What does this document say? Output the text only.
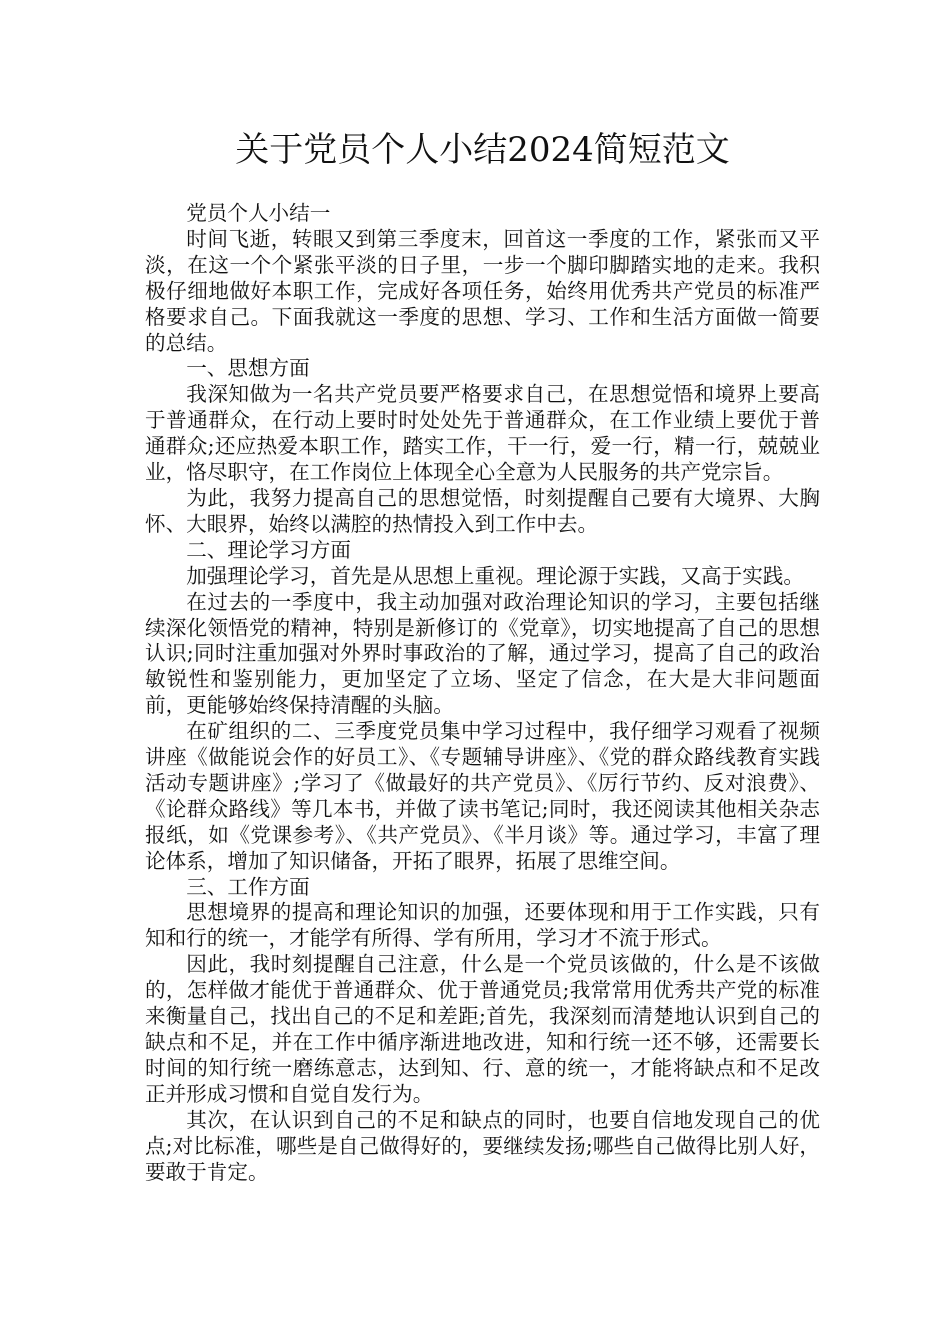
关于党员个人小结2024简短范文

党员个人小结一

时间飞逝，转眼又到第三季度末，回首这一季度的工作，紧张而又平淡，在这一个个紧张平淡的日子里，一步一个脚印脚踏实地的走来。我积极仔细地做好本职工作，完成好各项任务，始终用优秀共产党员的标准严格要求自己。下面我就这一季度的思想、学习、工作和生活方面做一简要的总结。

一、思想方面

我深知做为一名共产党员要严格要求自己，在思想觉悟和境界上要高于普通群众，在行动上要时时处处先于普通群众，在工作业绩上要优于普通群众;还应热爱本职工作，踏实工作，干一行，爱一行，精一行，兢兢业业，恪尽职守，在工作岗位上体现全心全意为人民服务的共产党宗旨。

为此，我努力提高自己的思想觉悟，时刻提醒自己要有大境界、大胸怀、大眼界，始终以满腔的热情投入到工作中去。

二、理论学习方面

加强理论学习，首先是从思想上重视。理论源于实践，又高于实践。

在过去的一季度中，我主动加强对政治理论知识的学习，主要包括继续深化领悟党的精神，特别是新修订的《党章》，切实地提高了自己的思想认识;同时注重加强对外界时事政治的了解，通过学习，提高了自己的政治敏锐性和鉴别能力，更加坚定了立场、坚定了信念，在大是大非问题面前，更能够始终保持清醒的头脑。

在矿组织的二、三季度党员集中学习过程中，我仔细学习观看了视频讲座《做能说会作的好员工》、《专题辅导讲座》、《党的群众路线教育实践活动专题讲座》;学习了《做最好的共产党员》、《厉行节约、反对浪费》、《论群众路线》等几本书，并做了读书笔记;同时，我还阅读其他相关杂志报纸，如《党课参考》、《共产党员》、《半月谈》等。通过学习，丰富了理论体系，增加了知识储备，开拓了眼界，拓展了思维空间。

三、工作方面

思想境界的提高和理论知识的加强，还要体现和用于工作实践，只有知和行的统一，才能学有所得、学有所用，学习才不流于形式。

因此，我时刻提醒自己注意，什么是一个党员该做的，什么是不该做的，怎样做才能优于普通群众、优于普通党员;我常常用优秀共产党的标准来衡量自己，找出自己的不足和差距;首先，我深刻而清楚地认识到自己的缺点和不足，并在工作中循序渐进地改进，知和行统一还不够，还需要长时间的知行统一磨练意志，达到知、行、意的统一，才能将缺点和不足改正并形成习惯和自觉自发行为。

其次，在认识到自己的不足和缺点的同时，也要自信地发现自己的优点;对比标准，哪些是自己做得好的，要继续发扬;哪些自己做得比别人好，要敢于肯定。
